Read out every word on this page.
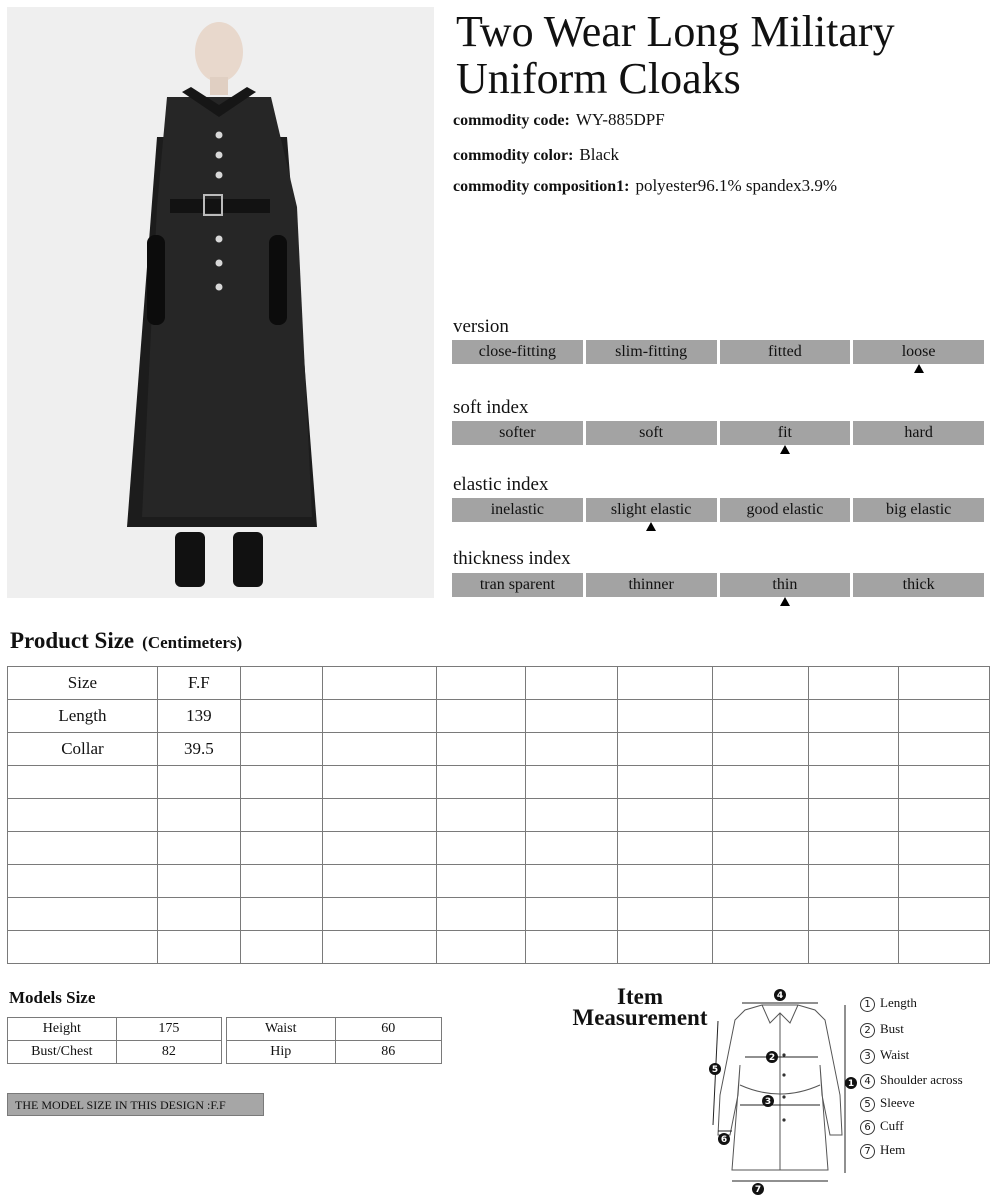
Two Wear Long Military
Uniform Cloaks
commodity code: WY-885DPF
commodity color: Black
commodity composition1: polyester96.1% spandex3.9%
version
close-fitting	slim-fitting	fitted	loose
soft index
softer	soft	fit	hard
elastic index
inelastic	slight elastic	good elastic	big elastic
thickness index
tran sparent	thinner	thin	thick
Product Size (Centimeters)
Size	F.F								
Length	139								
Collar	39.5								

Models Size
Height	175
Bust/Chest	82
Waist	60
Hip	86
THE MODEL SIZE IN THIS DESIGN :F.F
Item
Measurement
4
2
3
1
5
6
7
1 Length
2 Bust
3 Waist
4 Shoulder across
5 Sleeve
6 Cuff
7 Hem
